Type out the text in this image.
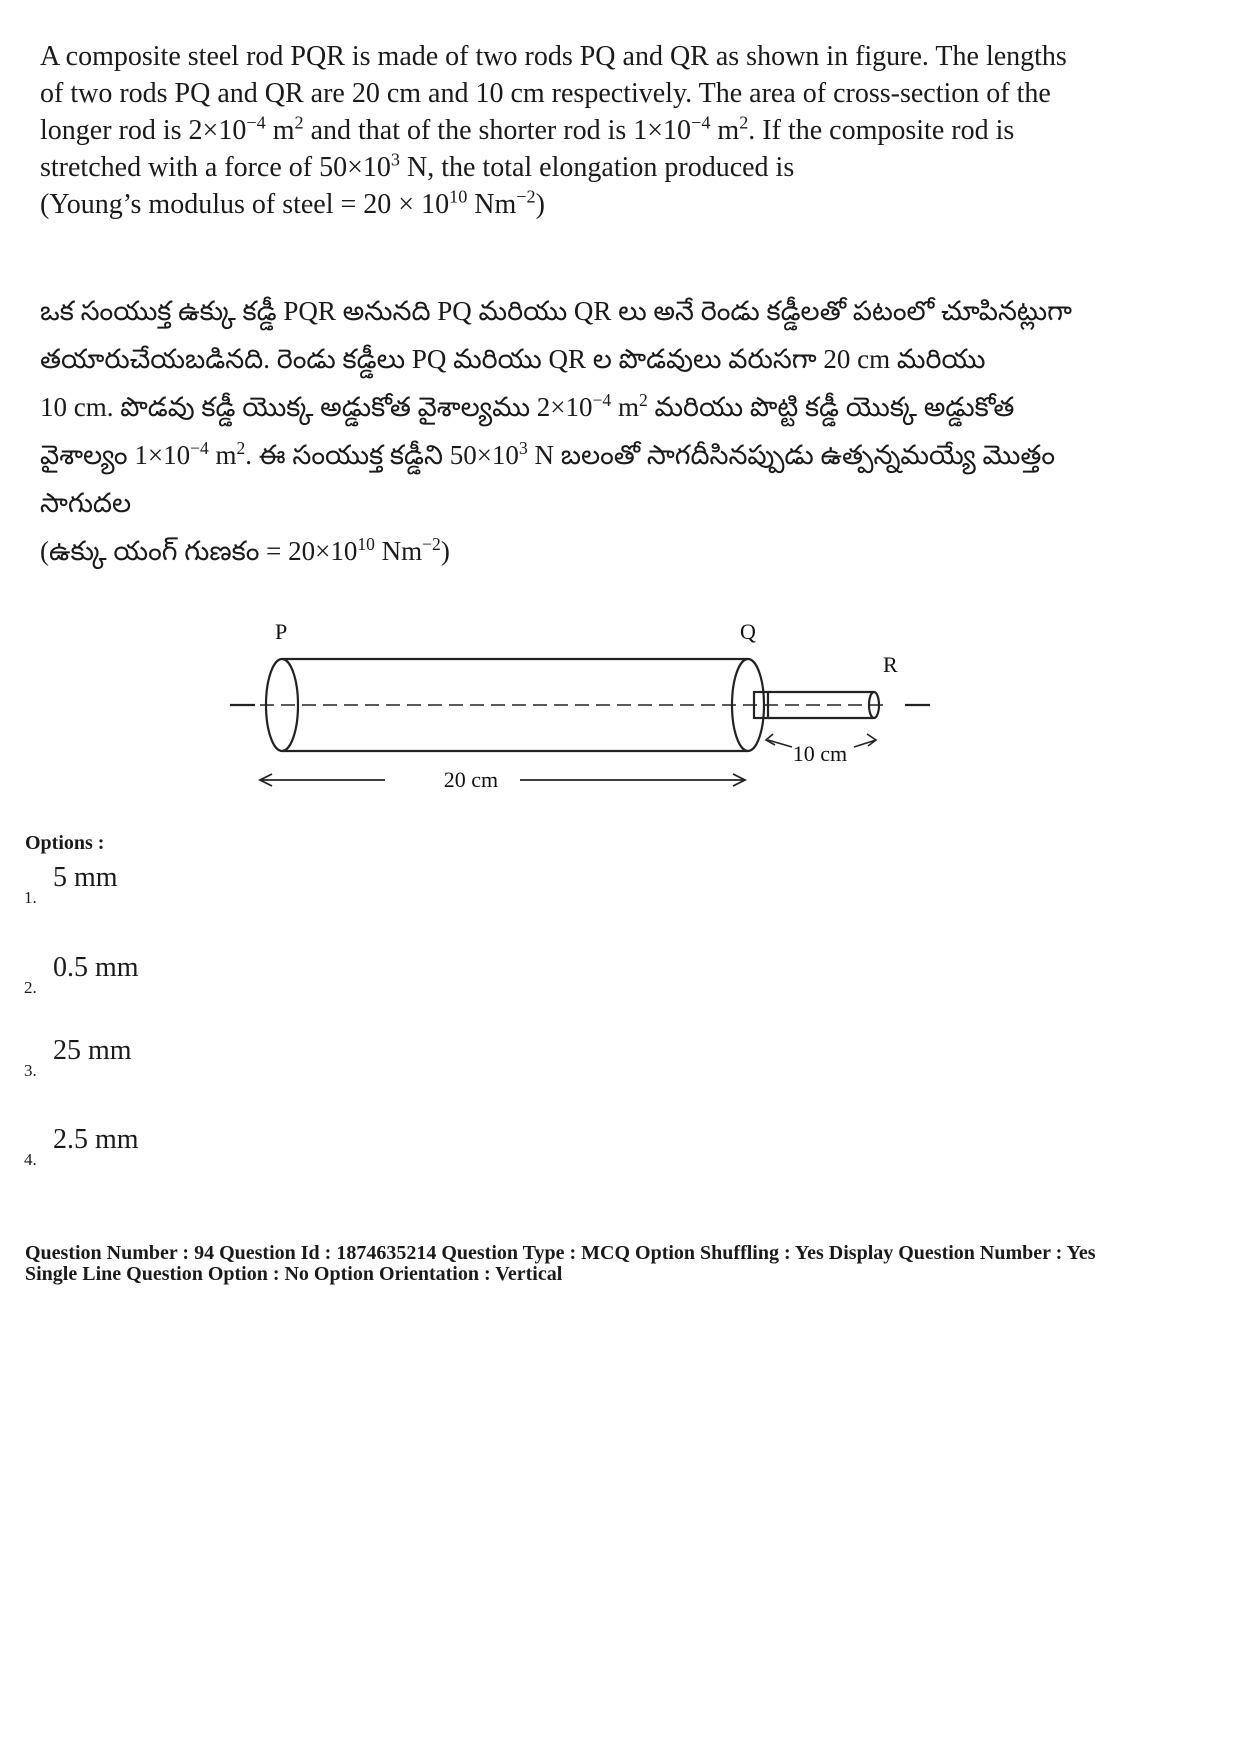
A composite steel rod PQR is made of two rods PQ and QR as shown in figure. The lengths
of two rods PQ and QR are 20 cm and 10 cm respectively. The area of cross-section of the
longer rod is $2\times 10^{-4}$ $m^2$ and that of the shorter rod is $1\times 10^{-4}$ $m^2$. If the composite rod is
stretched with a force of $50\times 10^3$ N, the total elongation produced is
(Young’s modulus of steel = $20 \times 10^{10}$ $Nm^{-2}$)
ఒక సంయుక్త ఉక్కు కడ్డీ PQR అనునది PQ మరియు QR లు అనే రెండు కడ్డీలతో పటంలో చూపినట్లుగా
తయారుచేయబడినది. రెండు కడ్డీలు PQ మరియు QR ల పొడవులు వరుసగా 20 cm మరియు
10 cm. పొడవు కడ్డీ యొక్క అడ్డుకోత వైశాల్యము $2\times 10^{-4}$ $m^2$ మరియు పొట్టి కడ్డీ యొక్క అడ్డుకోత
వైశాల్యం $1\times 10^{-4}$ $m^2$. ఈ సంయుక్త కడ్డీని $50\times 10^3$ N బలంతో సాగదీసినప్పుడు ఉత్పన్నమయ్యే మొత్తం
సాగుదల
(ఉక్కు యంగ్ గుణకం = $20\times 10^{10}$ $Nm^{-2}$)
P	Q
R
20 cm
10 cm
Options :
1.
5 mm
2.
0.5 mm
3.
25 mm
4.
2.5 mm
Question Number : 94 Question Id : 1874635214 Question Type : MCQ Option Shuffling : Yes Display Question Number : Yes
Single Line Question Option : No Option Orientation : Vertical
